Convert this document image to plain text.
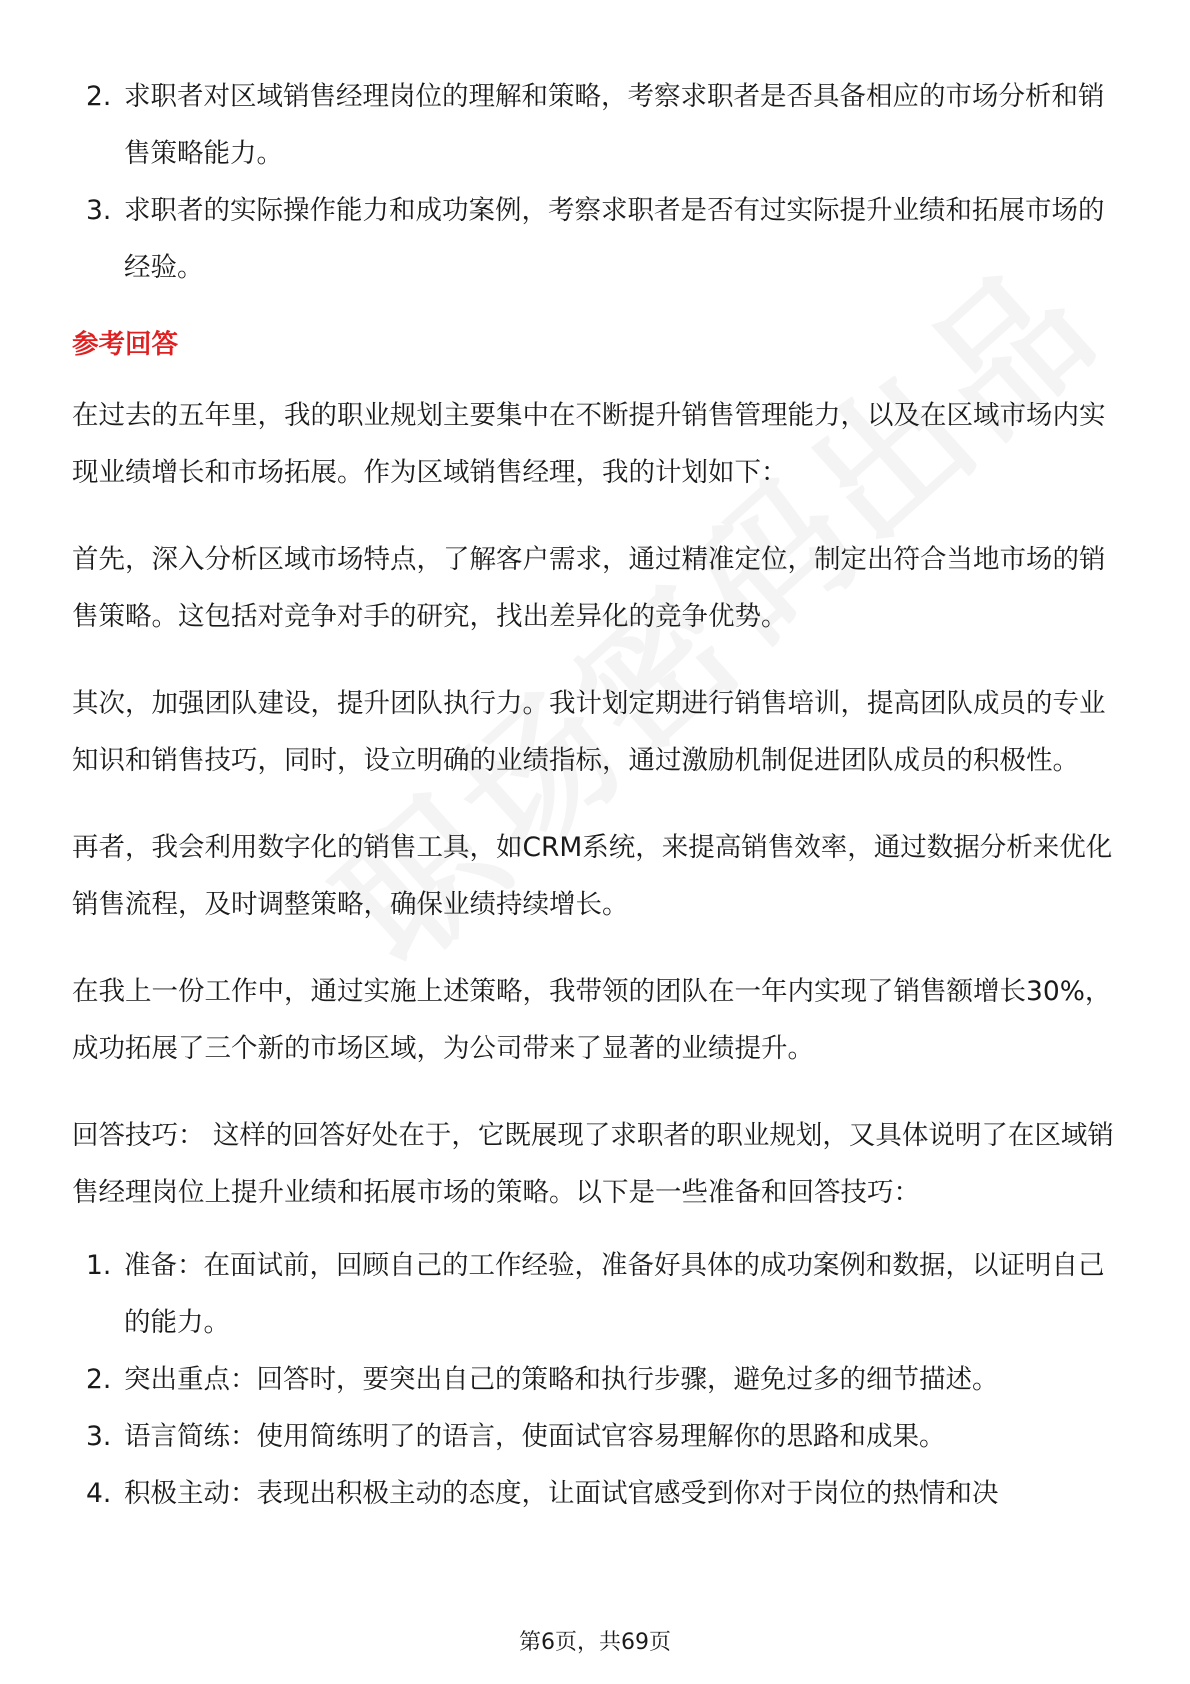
2. 求职者对区域销售经理岗位的理解和策略，考察求职者是否具备相应的市场分析和销售策略能力。
3. 求职者的实际操作能力和成功案例，考察求职者是否有过实际提升业绩和拓展市场的经验。
参考回答

在过去的五年里，我的职业规划主要集中在不断提升销售管理能力，以及在区域市场内实现业绩增长和市场拓展。作为区域销售经理，我的计划如下：

首先，深入分析区域市场特点，了解客户需求，通过精准定位，制定出符合当地市场的销售策略。这包括对竞争对手的研究，找出差异化的竞争优势。

其次，加强团队建设，提升团队执行力。我计划定期进行销售培训，提高团队成员的专业知识和销售技巧，同时，设立明确的业绩指标，通过激励机制促进团队成员的积极性。

再者，我会利用数字化的销售工具，如CRM系统，来提高销售效率，通过数据分析来优化销售流程，及时调整策略，确保业绩持续增长。

在我上一份工作中，通过实施上述策略，我带领的团队在一年内实现了销售额增长30%，成功拓展了三个新的市场区域，为公司带来了显著的业绩提升。

回答技巧： 这样的回答好处在于，它既展现了求职者的职业规划，又具体说明了在区域销售经理岗位上提升业绩和拓展市场的策略。以下是一些准备和回答技巧：

1. 准备：在面试前，回顾自己的工作经验，准备好具体的成功案例和数据，以证明自己的能力。
2. 突出重点：回答时，要突出自己的策略和执行步骤，避免过多的细节描述。
3. 语言简练：使用简练明了的语言，使面试官容易理解你的思路和成果。
4. 积极主动：表现出积极主动的态度，让面试官感受到你对于岗位的热情和决
第6页，共69页
